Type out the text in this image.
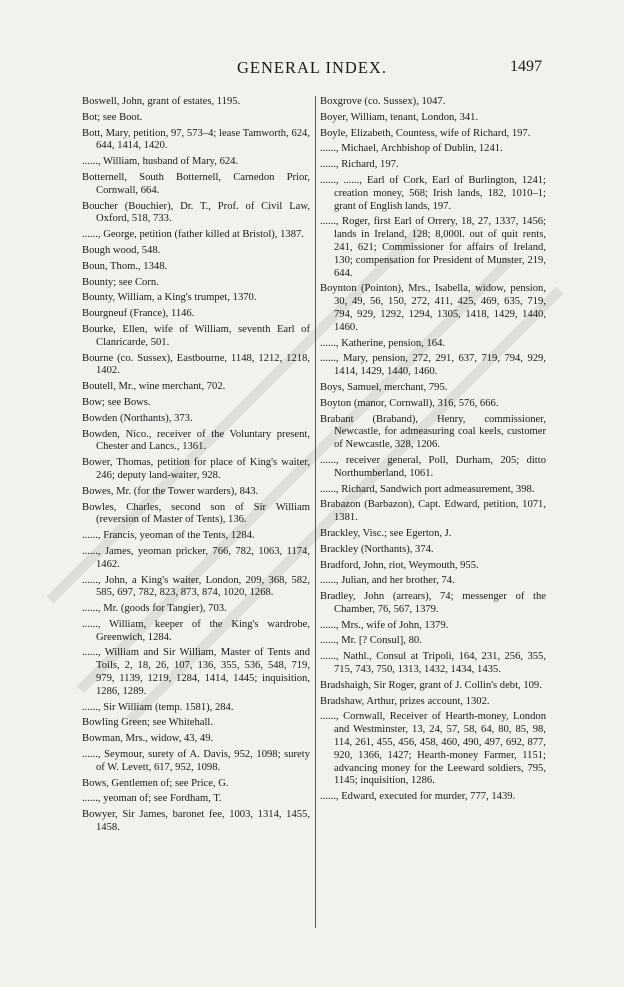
GENERAL INDEX.	1497
Boswell, John, grant of estates, 1195.
Bot; see Boot.
Bott, Mary, petition, 97, 573–4; lease Tamworth, 624, 644, 1414, 1420.
......, William, husband of Mary, 624.
Botternell, South Botternell, Carnedon Prior, Cornwall, 664.
Boucher (Bouchier), Dr. T., Prof. of Civil Law, Oxford, 518, 733.
......, George, petition (father killed at Bristol), 1387.
Bough wood, 548.
Boun, Thom., 1348.
Bounty; see Corn.
Bounty, William, a King's trumpet, 1370.
Bourgneuf (France), 1146.
Bourke, Ellen, wife of William, seventh Earl of Clanricarde, 501.
Bourne (co. Sussex), Eastbourne, 1148, 1212, 1218, 1402.
Boutell, Mr., wine merchant, 702.
Bow; see Bows.
Bowden (Northants), 373.
Bowden, Nico., receiver of the Voluntary present, Chester and Lancs., 1361.
Bower, Thomas, petition for place of King's waiter, 246; deputy land-waiter, 928.
Bowes, Mr. (for the Tower warders), 843.
Bowles, Charles, second son of Sir William (reversion of Master of Tents), 136.
......, Francis, yeoman of the Tents, 1284.
......, James, yeoman pricker, 766, 782, 1063, 1174, 1462.
......, John, a King's waiter, London, 209, 368, 582, 585, 697, 782, 823, 873, 874, 1020, 1268.
......, Mr. (goods for Tangier), 703.
......, William, keeper of the King's wardrobe, Greenwich, 1284.
......, William and Sir William, Master of Tents and Toils, 2, 18, 26, 107, 136, 355, 536, 548, 719, 979, 1139, 1219, 1284, 1414, 1445; inquisition, 1286, 1289.
......, Sir William (temp. 1581), 284.
Bowling Green; see Whitehall.
Bowman, Mrs., widow, 43, 49.
......, Seymour, surety of A. Davis, 952, 1098; surety of W. Levett, 617, 952, 1098.
Bows, Gentlemen of; see Price, G.
......, yeoman of; see Fordham, T.
Bowyer, Sir James, baronet fee, 1003, 1314, 1455, 1458.
Boxgrove (co. Sussex), 1047.
Boyer, William, tenant, London, 341.
Boyle, Elizabeth, Countess, wife of Richard, 197.
......, Michael, Archbishop of Dublin, 1241.
......, Richard, 197.
......, ......, Earl of Cork, Earl of Burlington, 1241; creation money, 568; Irish lands, 182, 1010–1; grant of English lands, 197.
......, Roger, first Earl of Orrery, 18, 27, 1337, 1456; lands in Ireland, 128; 8,000l. out of quit rents, 241, 621; Commissioner for affairs of Ireland, 130; compensation for President of Munster, 219, 644.
Boynton (Pointon), Mrs., Isabella, widow, pension, 30, 49, 56, 150, 272, 411, 425, 469, 635, 719, 794, 929, 1292, 1294, 1305, 1418, 1429, 1440, 1460.
......, Katherine, pension, 164.
......, Mary, pension, 272, 291, 637, 719, 794, 929, 1414, 1429, 1440, 1460.
Boys, Samuel, merchant, 795.
Boyton (manor, Cornwall), 316, 576, 666.
Brabant (Braband), Henry, commissioner, Newcastle, for admeasuring coal keels, customer of Newcastle, 328, 1206.
......, receiver general, Poll, Durham, 205; ditto Northumberland, 1061.
......, Richard, Sandwich port admeasurement, 398.
Brabazon (Barbazon), Capt. Edward, petition, 1071, 1381.
Brackley, Visc.; see Egerton, J.
Brackley (Northants), 374.
Bradford, John, riot, Weymouth, 955.
......, Julian, and her brother, 74.
Bradley, John (arrears), 74; messenger of the Chamber, 76, 567, 1379.
......, Mrs., wife of John, 1379.
......, Mr. [? Consul], 80.
......, Nathl., Consul at Tripoli, 164, 231, 256, 355, 715, 743, 750, 1313, 1432, 1434, 1435.
Bradshaigh, Sir Roger, grant of J. Collin's debt, 109.
Bradshaw, Arthur, prizes account, 1302.
......, Cornwall, Receiver of Hearth-money, London and Westminster, 13, 24, 57, 58, 64, 80, 85, 98, 114, 261, 455, 456, 458, 460, 490, 497, 692, 877, 920, 1366, 1427; Hearth-money Farmer, 1151; advancing money for the Leeward soldiers, 795, 1145; inquisition, 1286.
......, Edward, executed for murder, 777, 1439.
